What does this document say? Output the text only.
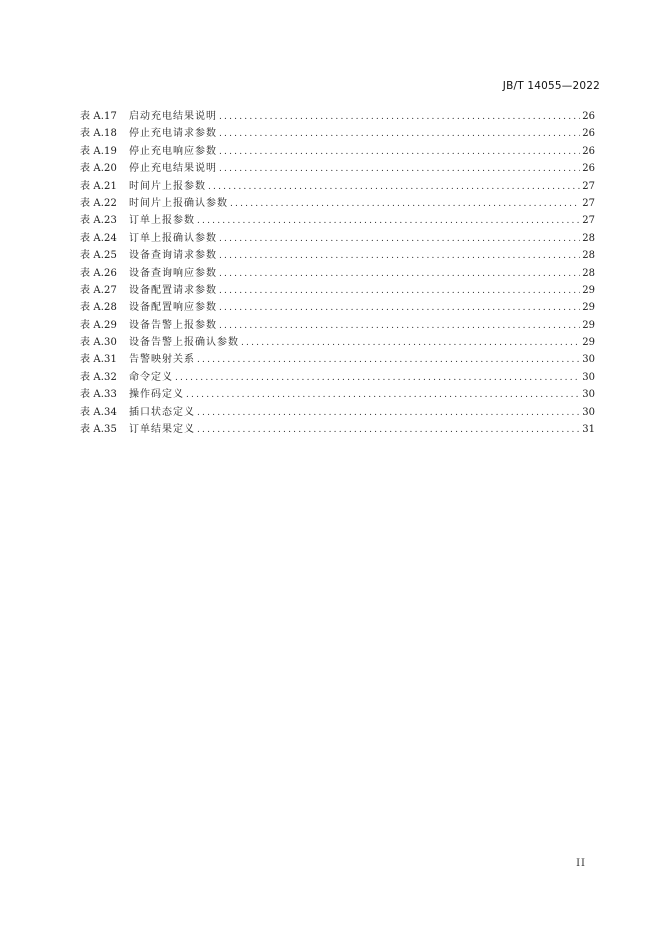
JB/T 14055—2022
表 A.17	启动充电结果说明 .....	26
表 A.18	停止充电请求参数 .....	26
表 A.19	停止充电响应参数 .....	26
表 A.20	停止充电结果说明 .....	26
表 A.21	时间片上报参数 .....	27
表 A.22	时间片上报确认参数 .....	27
表 A.23	订单上报参数 .....	27
表 A.24	订单上报确认参数 .....	28
表 A.25	设备查询请求参数 .....	28
表 A.26	设备查询响应参数 .....	28
表 A.27	设备配置请求参数 .....	29
表 A.28	设备配置响应参数 .....	29
表 A.29	设备告警上报参数 .....	29
表 A.30	设备告警上报确认参数 .....	29
表 A.31	告警映射关系 .....	30
表 A.32	命令定义 .....	30
表 A.33	操作码定义 .....	30
表 A.34	插口状态定义 .....	30
表 A.35	订单结果定义 .....	31
II
